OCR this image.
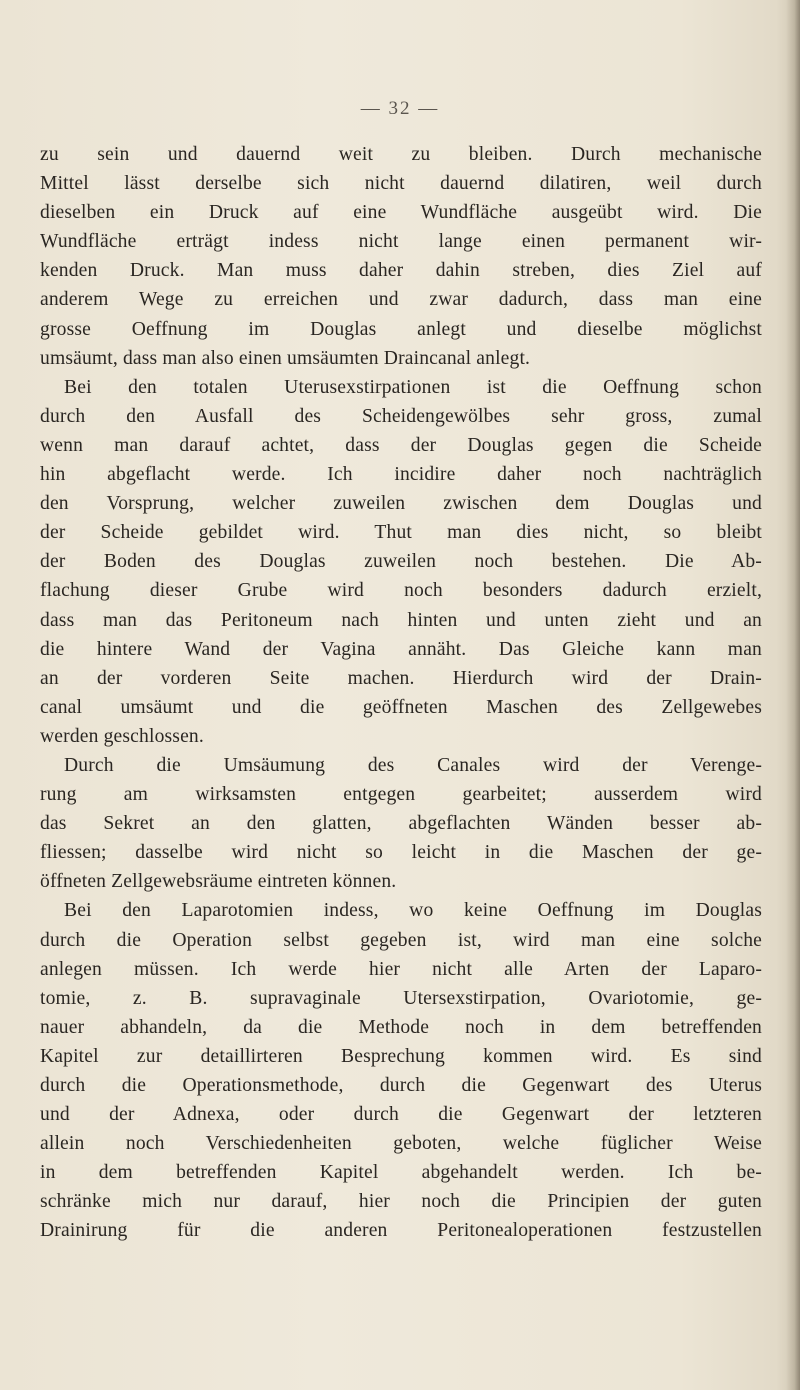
— 32 —
zu sein und dauernd weit zu bleiben. Durch mechanische
Mittel lässt derselbe sich nicht dauernd dilatiren, weil durch
dieselben ein Druck auf eine Wundfläche ausgeübt wird. Die
Wundfläche erträgt indess nicht lange einen permanent wir-
kenden Druck. Man muss daher dahin streben, dies Ziel auf
anderem Wege zu erreichen und zwar dadurch, dass man eine
grosse Oeffnung im Douglas anlegt und dieselbe möglichst
umsäumt, dass man also einen umsäumten Draincanal anlegt.
Bei den totalen Uterusexstirpationen ist die Oeffnung schon
durch den Ausfall des Scheidengewölbes sehr gross, zumal
wenn man darauf achtet, dass der Douglas gegen die Scheide
hin abgeflacht werde. Ich incidire daher noch nachträglich
den Vorsprung, welcher zuweilen zwischen dem Douglas und
der Scheide gebildet wird. Thut man dies nicht, so bleibt
der Boden des Douglas zuweilen noch bestehen. Die Ab-
flachung dieser Grube wird noch besonders dadurch erzielt,
dass man das Peritoneum nach hinten und unten zieht und an
die hintere Wand der Vagina annäht. Das Gleiche kann man
an der vorderen Seite machen. Hierdurch wird der Drain-
canal umsäumt und die geöffneten Maschen des Zellgewebes
werden geschlossen.
Durch die Umsäumung des Canales wird der Verenge-
rung am wirksamsten entgegen gearbeitet; ausserdem wird
das Sekret an den glatten, abgeflachten Wänden besser ab-
fliessen; dasselbe wird nicht so leicht in die Maschen der ge-
öffneten Zellgewebsräume eintreten können.
Bei den Laparotomien indess, wo keine Oeffnung im Douglas
durch die Operation selbst gegeben ist, wird man eine solche
anlegen müssen. Ich werde hier nicht alle Arten der Laparo-
tomie, z. B. supravaginale Utersexstirpation, Ovariotomie, ge-
nauer abhandeln, da die Methode noch in dem betreffenden
Kapitel zur detaillirteren Besprechung kommen wird. Es sind
durch die Operationsmethode, durch die Gegenwart des Uterus
und der Adnexa, oder durch die Gegenwart der letzteren
allein noch Verschiedenheiten geboten, welche füglicher Weise
in dem betreffenden Kapitel abgehandelt werden. Ich be-
schränke mich nur darauf, hier noch die Principien der guten
Drainirung für die anderen Peritonealoperationen festzustellen
